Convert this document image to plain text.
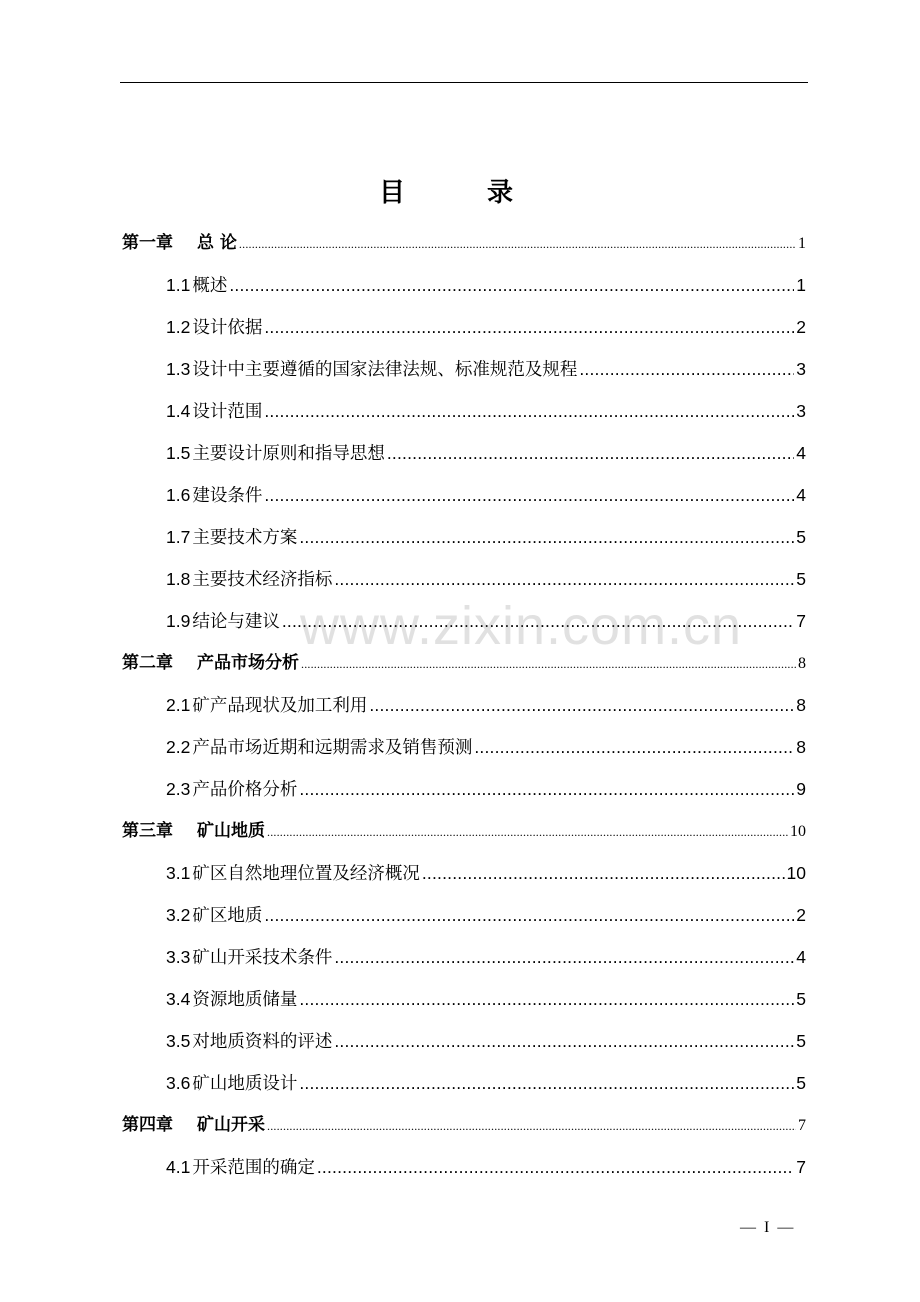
目　录
第一章 总 论 .....	1
1.1 概述 .....	1
1.2 设计依据 .....	2
1.3 设计中主要遵循的国家法律法规、标准规范及规程 .....	3
1.4 设计范围 .....	3
1.5 主要设计原则和指导思想 .....	4
1.6 建设条件 .....	4
1.7 主要技术方案 .....	5
1.8 主要技术经济指标 .....	5
1.9 结论与建议 .....	7
第二章 产品市场分析 .....	8
2.1 矿产品现状及加工利用 .....	8
2.2 产品市场近期和远期需求及销售预测 .....	8
2.3 产品价格分析 .....	9
第三章 矿山地质 .....	10
3.1 矿区自然地理位置及经济概况 .....	10
3.2 矿区地质 .....	2
3.3 矿山开采技术条件 .....	4
3.4 资源地质储量 .....	5
3.5 对地质资料的评述 .....	5
3.6 矿山地质设计 .....	5
第四章 矿山开采 .....	7
4.1 开采范围的确定 .....	7
www.zixin.com.cn
— I —
